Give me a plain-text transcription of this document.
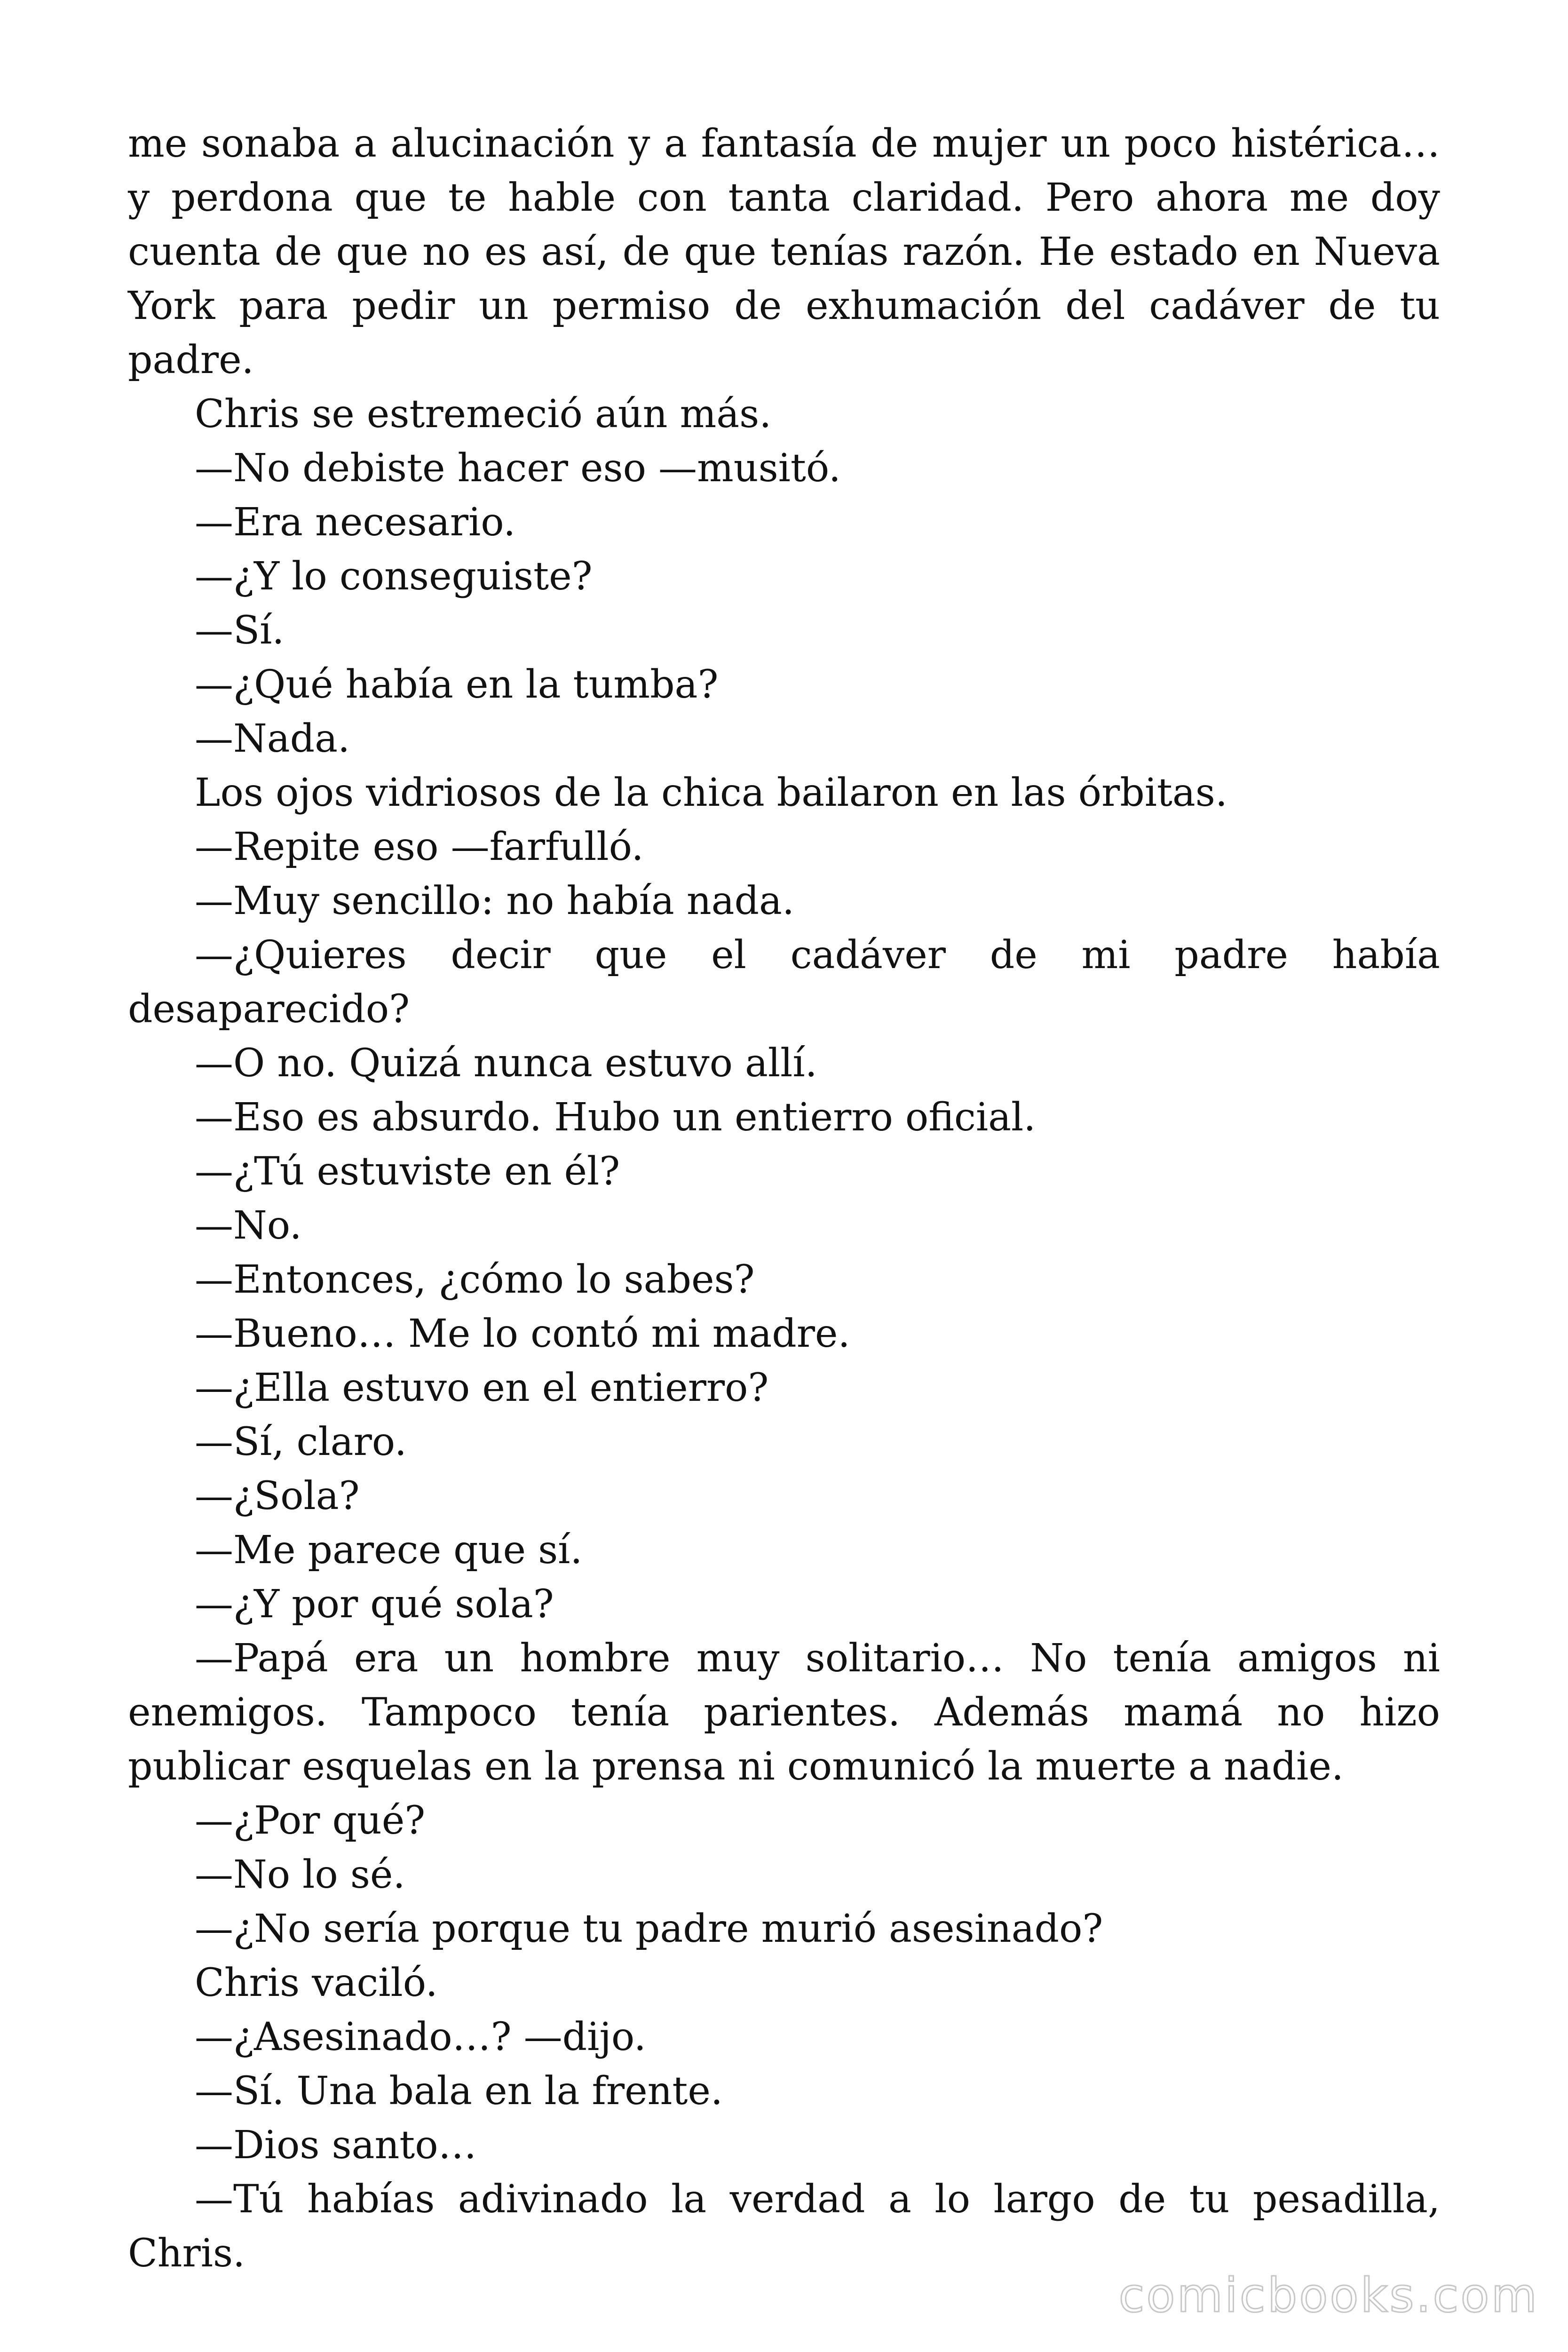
me sonaba a alucinación y a fantasía de mujer un poco histérica… y perdona que te hable con tanta claridad. Pero ahora me doy cuenta de que no es así, de que tenías razón. He estado en Nueva York para pedir un permiso de exhumación del cadáver de tu padre.

Chris se estremeció aún más.

—No debiste hacer eso —musitó.

—Era necesario.

—¿Y lo conseguiste?

—Sí.

—¿Qué había en la tumba?

—Nada.

Los ojos vidriosos de la chica bailaron en las órbitas.

—Repite eso —farfulló.

—Muy sencillo: no había nada.

—¿Quieres decir que el cadáver de mi padre había desaparecido?

—O no. Quizá nunca estuvo allí.

—Eso es absurdo. Hubo un entierro oficial.

—¿Tú estuviste en él?

—No.

—Entonces, ¿cómo lo sabes?

—Bueno… Me lo contó mi madre.

—¿Ella estuvo en el entierro?

—Sí, claro.

—¿Sola?

—Me parece que sí.

—¿Y por qué sola?

—Papá era un hombre muy solitario… No tenía amigos ni enemigos. Tampoco tenía parientes. Además mamá no hizo publicar esquelas en la prensa ni comunicó la muerte a nadie.

—¿Por qué?

—No lo sé.

—¿No sería porque tu padre murió asesinado?

Chris vaciló.

—¿Asesinado…? —dijo.

—Sí. Una bala en la frente.

—Dios santo…

—Tú habías adivinado la verdad a lo largo de tu pesadilla, Chris.

comicbooks.com
